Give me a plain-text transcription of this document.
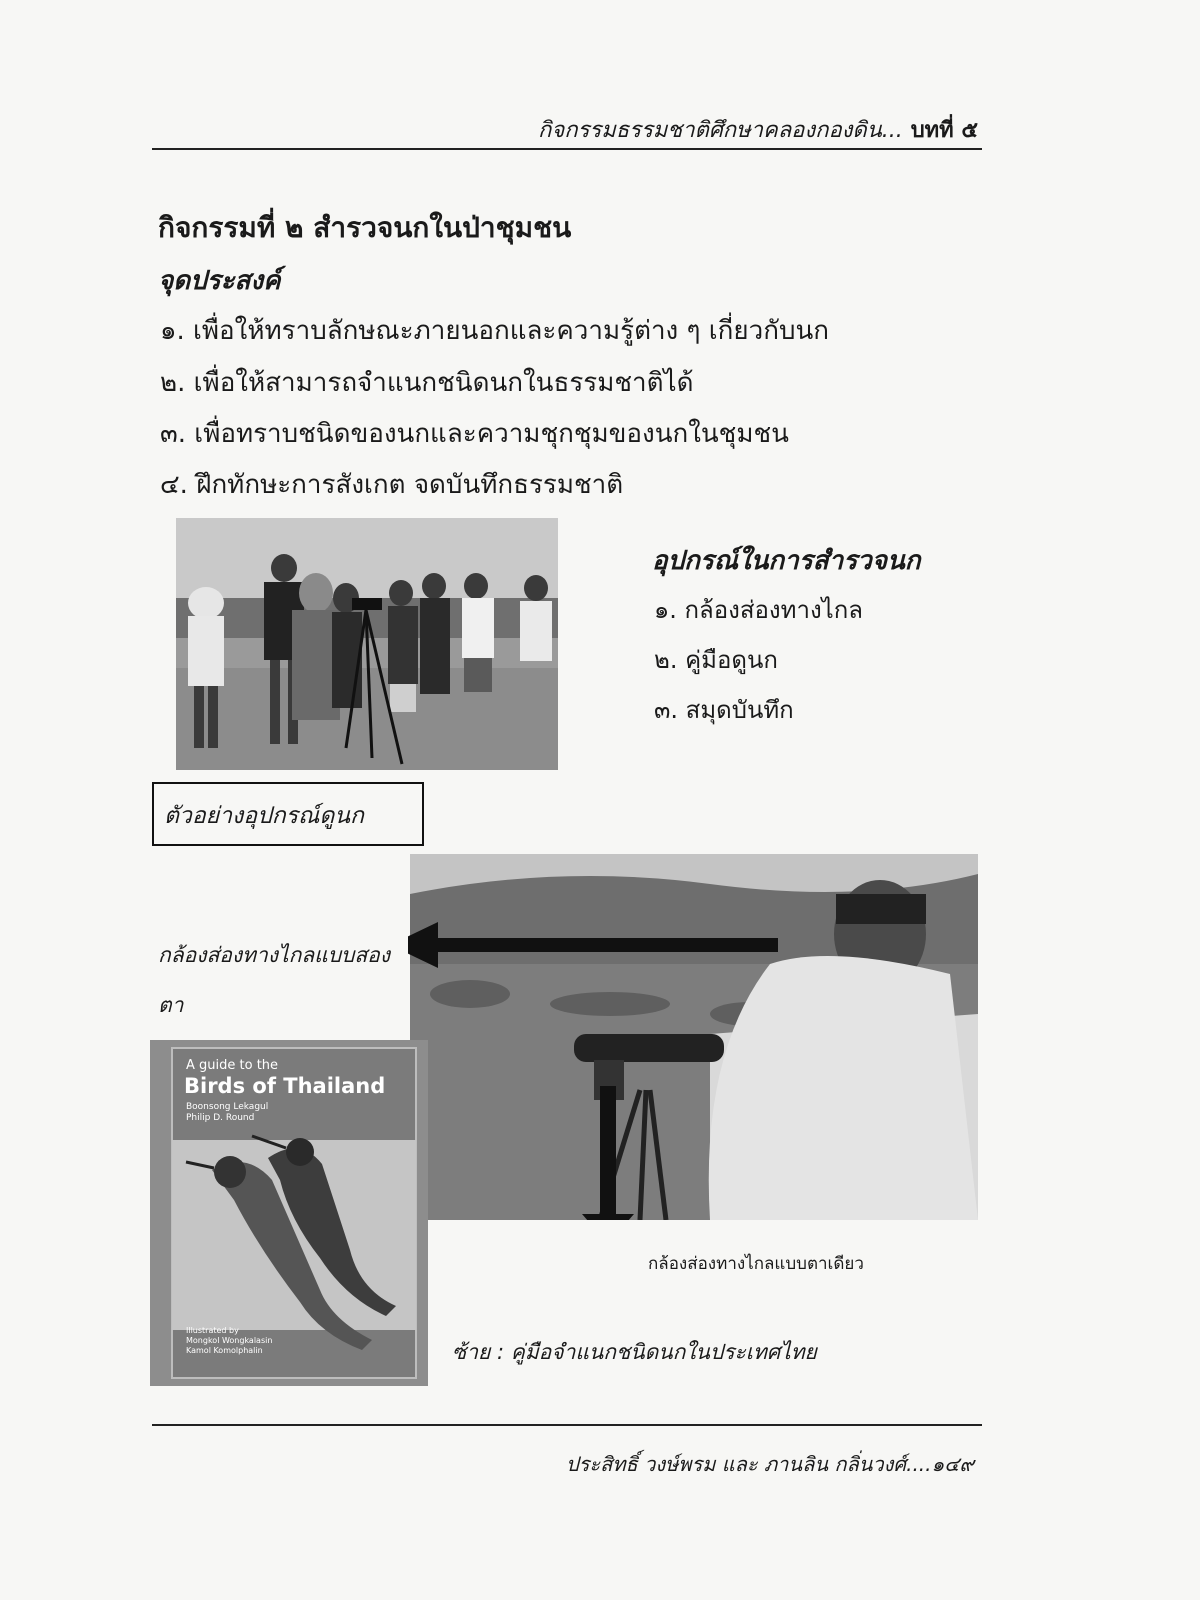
กิจกรรมธรรมชาติศึกษาคลองกองดิน... บทที่ ๕
กิจกรรมที่ ๒ สำรวจนกในป่าชุมชน
จุดประสงค์
๑. เพื่อให้ทราบลักษณะภายนอกและความรู้ต่าง ๆ เกี่ยวกับนก
๒. เพื่อให้สามารถจำแนกชนิดนกในธรรมชาติได้
๓. เพื่อทราบชนิดของนกและความชุกชุมของนกในชุมชน
๔. ฝึกทักษะการสังเกต จดบันทึกธรรมชาติ
อุปกรณ์ในการสำรวจนก
๑. กล้องส่องทางไกล
๒. คู่มือดูนก
๓. สมุดบันทึก
ตัวอย่างอุปกรณ์ดูนก
กล้องส่องทางไกลแบบสองตา
A guide to the
Birds of Thailand
Boonsong Lekagul
Philip D. Round
Illustrated by
Mongkol Wongkalasin
Kamol Komolphalin
กล้องส่องทางไกลแบบตาเดียว
ซ้าย : คู่มือจำแนกชนิดนกในประเทศไทย
ประสิทธิ์ วงษ์พรม และ ภานลิน กลิ่นวงศ์....๑๔๙
